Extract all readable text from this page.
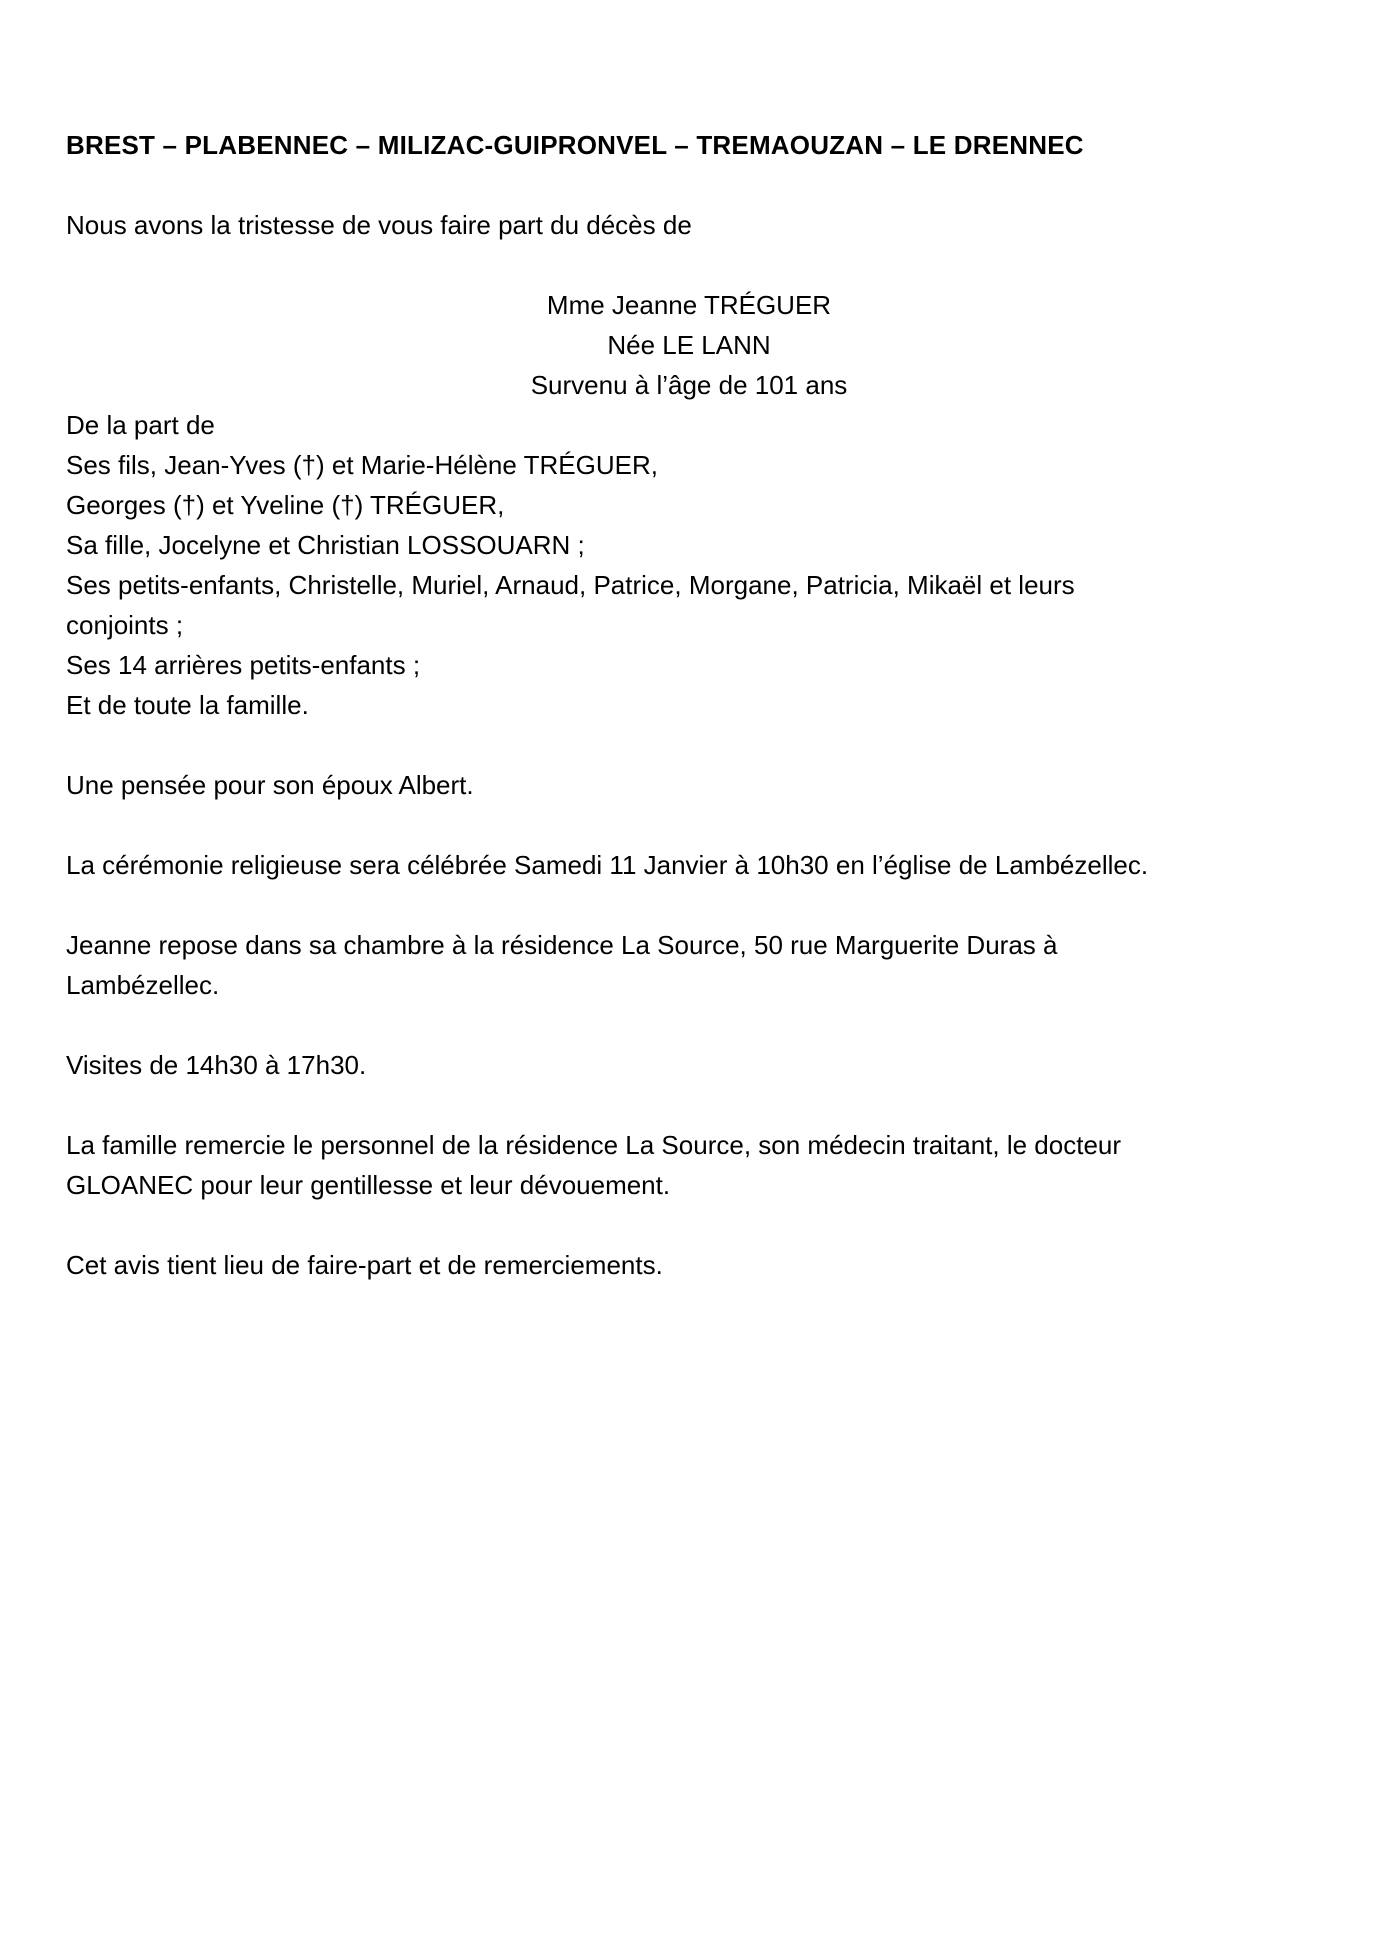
BREST – PLABENNEC – MILIZAC-GUIPRONVEL – TREMAOUZAN – LE DRENNEC
Nous avons la tristesse de vous faire part du décès de
Mme Jeanne TRÉGUER
Née LE LANN
Survenu à l’âge de 101 ans
De la part de
Ses fils, Jean-Yves (†) et Marie-Hélène TRÉGUER,
Georges (†) et Yveline (†) TRÉGUER,
Sa fille, Jocelyne et Christian LOSSOUARN ;
Ses petits-enfants, Christelle, Muriel, Arnaud, Patrice, Morgane, Patricia, Mikaël et leurs
conjoints ;
Ses 14 arrières petits-enfants ;
Et de toute la famille.
Une pensée pour son époux Albert.
La cérémonie religieuse sera célébrée Samedi 11 Janvier à 10h30 en l’église de Lambézellec.
Jeanne repose dans sa chambre à la résidence La Source, 50 rue Marguerite Duras à
Lambézellec.
Visites de 14h30 à 17h30.
La famille remercie le personnel de la résidence La Source, son médecin traitant, le docteur
GLOANEC pour leur gentillesse et leur dévouement.
Cet avis tient lieu de faire-part et de remerciements.
